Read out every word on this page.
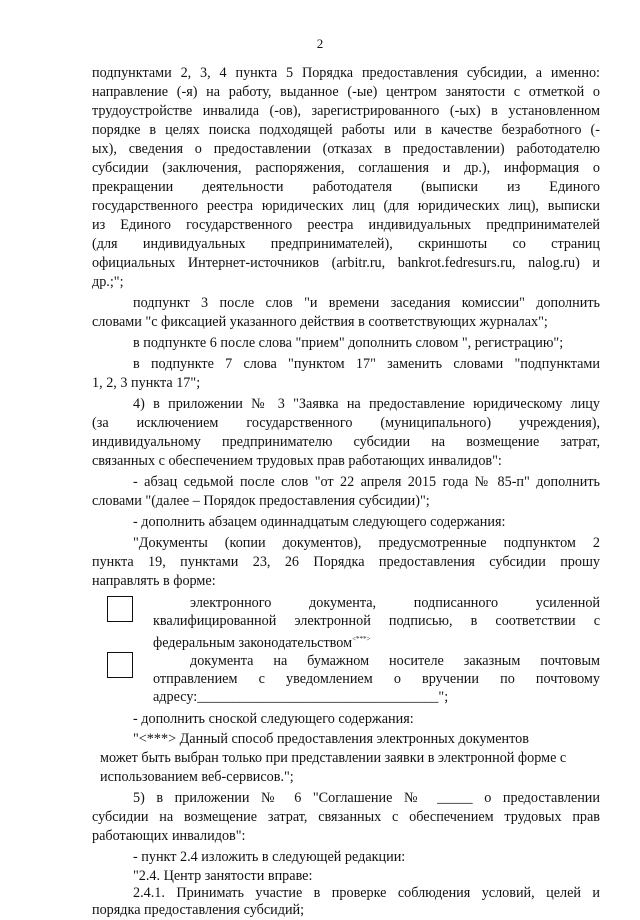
2
подпунктами 2, 3, 4 пункта 5 Порядка предоставления субсидии, а именно:
направление (-я) на работу, выданное (-ые) центром занятости с отметкой о
трудоустройстве инвалида (-ов), зарегистрированного (-ых) в установленном
порядке в целях поиска подходящей работы или в качестве безработного (-
ых), сведения о предоставлении (отказах в предоставлении) работодателю
субсидии (заключения, распоряжения, соглашения и др.), информация о
прекращении деятельности работодателя (выписки из Единого
государственного реестра юридических лиц (для юридических лиц), выписки
из Единого государственного реестра индивидуальных предпринимателей
(для индивидуальных предпринимателей), скриншоты со страниц
официальных Интернет-источников (arbitr.ru, bankrot.fedresurs.ru, nalog.ru) и
др.;";
подпункт 3 после слов "и времени заседания комиссии" дополнить
словами "с фиксацией указанного действия в соответствующих журналах";
в подпункте 6 после слова "прием" дополнить словом ", регистрацию";
в подпункте 7 слова "пунктом 17" заменить словами "подпунктами
1, 2, 3 пункта 17";
4) в приложении № 3 "Заявка на предоставление юридическому лицу
(за исключением государственного (муниципального) учреждения),
индивидуальному предпринимателю субсидии на возмещение затрат,
связанных с обеспечением трудовых прав работающих инвалидов":
- абзац седьмой после слов "от 22 апреля 2015 года № 85-п" дополнить
словами "(далее – Порядок предоставления субсидии)";
- дополнить абзацем одиннадцатым следующего содержания:
"Документы (копии документов), предусмотренные подпунктом 2
пункта 19, пунктами 23, 26 Порядка предоставления субсидии прошу
направлять в форме:
электронного документа, подписанного усиленной
квалифицированной электронной подписью, в соответствии с
федеральным законодательством<***>
документа на бумажном носителе заказным почтовым
отправлением с уведомлением о вручении по почтовому
адресу:__________________________________";
- дополнить сноской следующего содержания:
"<***> Данный способ предоставления электронных документов
может быть выбран только при представлении заявки в электронной форме с
использованием веб-сервисов.";
5) в приложении № 6 "Соглашение № _____ о предоставлении
субсидии на возмещение затрат, связанных с обеспечением трудовых прав
работающих инвалидов":
- пункт 2.4 изложить в следующей редакции:
"2.4. Центр занятости вправе:
2.4.1. Принимать участие в проверке соблюдения условий, целей и
порядка предоставления субсидий;
